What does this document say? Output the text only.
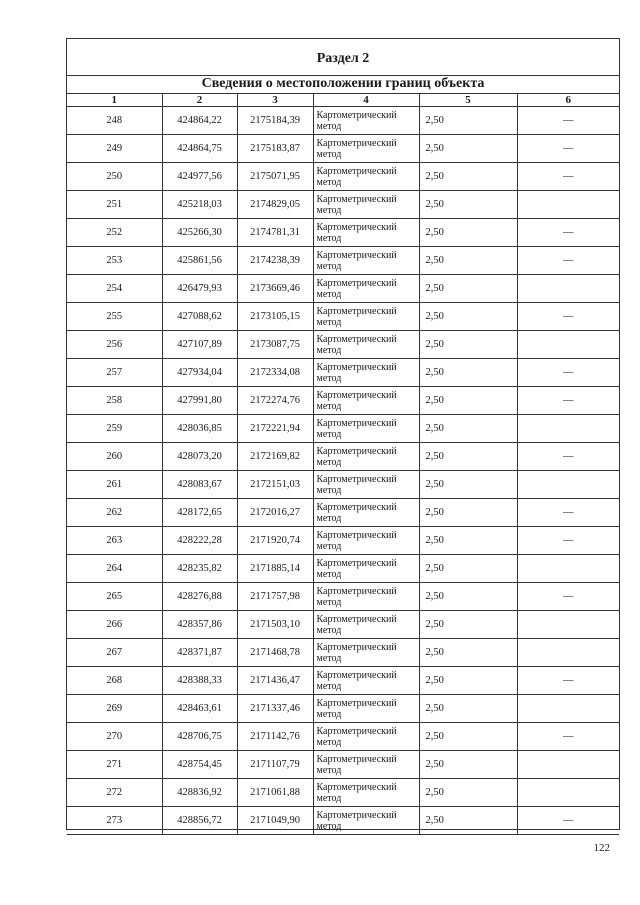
Раздел 2
Сведения о местоположении границ объекта
1	2	3	4	5	6
248	424864,22	2175184,39	Картометрический метод	2,50	—
249	424864,75	2175183,87	Картометрический метод	2,50	—
250	424977,56	2175071,95	Картометрический метод	2,50	—
251	425218,03	2174829,05	Картометрический метод	2,50	
252	425266,30	2174781,31	Картометрический метод	2,50	—
253	425861,56	2174238,39	Картометрический метод	2,50	—
254	426479,93	2173669,46	Картометрический метод	2,50	
255	427088,62	2173105,15	Картометрический метод	2,50	—
256	427107,89	2173087,75	Картометрический метод	2,50	
257	427934,04	2172334,08	Картометрический метод	2,50	—
258	427991,80	2172274,76	Картометрический метод	2,50	—
259	428036,85	2172221,94	Картометрический метод	2,50	
260	428073,20	2172169,82	Картометрический метод	2,50	—
261	428083,67	2172151,03	Картометрический метод	2,50	
262	428172,65	2172016,27	Картометрический метод	2,50	—
263	428222,28	2171920,74	Картометрический метод	2,50	—
264	428235,82	2171885,14	Картометрический метод	2,50	
265	428276,88	2171757,98	Картометрический метод	2,50	—
266	428357,86	2171503,10	Картометрический метод	2,50	
267	428371,87	2171468,78	Картометрический метод	2,50	
268	428388,33	2171436,47	Картометрический метод	2,50	—
269	428463,61	2171337,46	Картометрический метод	2,50	
270	428706,75	2171142,76	Картометрический метод	2,50	—
271	428754,45	2171107,79	Картометрический метод	2,50	
272	428836,92	2171061,88	Картометрический метод	2,50	
273	428856,72	2171049,90	Картометрический метод	2,50	—
122
